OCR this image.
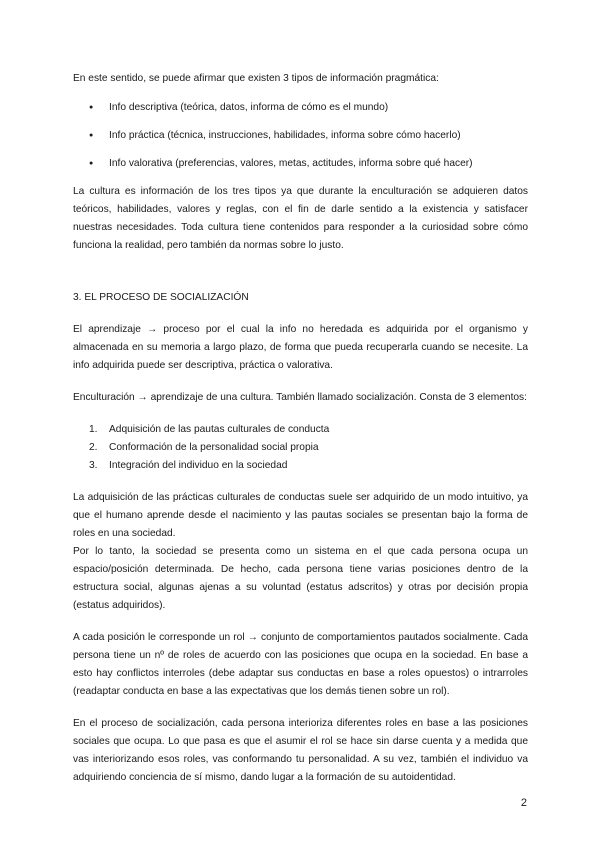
En este sentido, se puede afirmar que existen 3 tipos de información pragmática:

● Info descriptiva (teórica, datos, informa de cómo es el mundo)
● Info práctica (técnica, instrucciones, habilidades, informa sobre cómo hacerlo)
● Info valorativa (preferencias, valores, metas, actitudes, informa sobre qué hacer)

La cultura es información de los tres tipos ya que durante la enculturación se adquieren datos teóricos, habilidades, valores y reglas, con el fin de darle sentido a la existencia y satisfacer nuestras necesidades. Toda cultura tiene contenidos para responder a la curiosidad sobre cómo funciona la realidad, pero también da normas sobre lo justo.

3. EL PROCESO DE SOCIALIZACIÓN

El aprendizaje → proceso por el cual la info no heredada es adquirida por el organismo y almacenada en su memoria a largo plazo, de forma que pueda recuperarla cuando se necesite. La info adquirida puede ser descriptiva, práctica o valorativa.

Enculturación → aprendizaje de una cultura. También llamado socialización. Consta de 3 elementos:

1. Adquisición de las pautas culturales de conducta
2. Conformación de la personalidad social propia
3. Integración del individuo en la sociedad

La adquisición de las prácticas culturales de conductas suele ser adquirido de un modo intuitivo, ya que el humano aprende desde el nacimiento y las pautas sociales se presentan bajo la forma de roles en una sociedad.

Por lo tanto, la sociedad se presenta como un sistema en el que cada persona ocupa un espacio/posición determinada. De hecho, cada persona tiene varias posiciones dentro de la estructura social, algunas ajenas a su voluntad (estatus adscritos) y otras por decisión propia (estatus adquiridos).

A cada posición le corresponde un rol → conjunto de comportamientos pautados socialmente. Cada persona tiene un nº de roles de acuerdo con las posiciones que ocupa en la sociedad. En base a esto hay conflictos interroles (debe adaptar sus conductas en base a roles opuestos) o intrarroles (readaptar conducta en base a las expectativas que los demás tienen sobre un rol).

En el proceso de socialización, cada persona interioriza diferentes roles en base a las posiciones sociales que ocupa. Lo que pasa es que el asumir el rol se hace sin darse cuenta y a medida que vas interiorizando esos roles, vas conformando tu personalidad. A su vez, también el individuo va adquiriendo conciencia de sí mismo, dando lugar a la formación de su autoidentidad.

2
